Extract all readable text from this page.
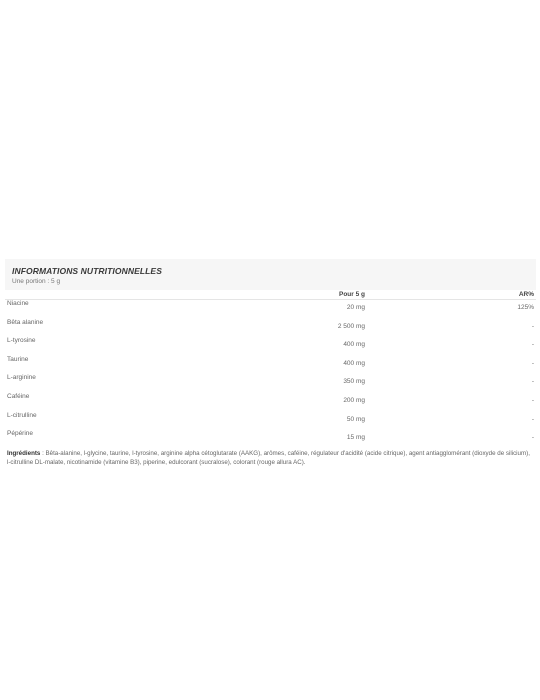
INFORMATIONS NUTRITIONNELLES
Une portion : 5 g
	Pour 5 g	AR%
Niacine	20 mg	125%
Bêta alanine	2 500 mg	-
L-tyrosine	400 mg	-
Taurine	400 mg	-
L-arginine	350 mg	-
Caféine	200 mg	-
L-citrulline	50 mg	-
Pépérine	15 mg	-
Ingrédients : Bêta-alanine, l-glycine, taurine, l-tyrosine, arginine alpha cétoglutarate (AAKG), arômes, caféine, régulateur d'acidité (acide citrique), agent antiagglomérant (dioxyde de silicium), l-citrulline DL-malate, nicotinamide (vitamine B3), piperine, edulcorant (sucralose), colorant (rouge allura AC).
